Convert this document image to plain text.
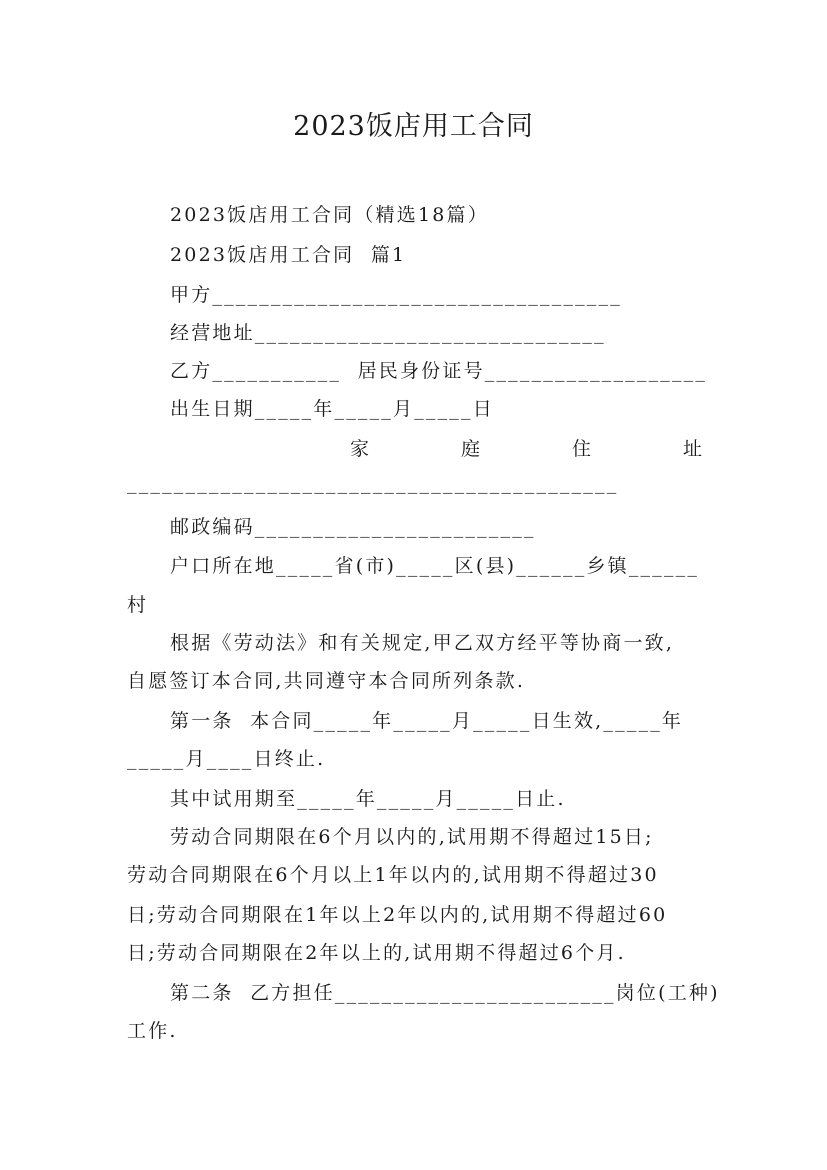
2023饭店用工合同
2023饭店用工合同（精选18篇）
2023饭店用工合同  篇1
甲方___________________________________
经营地址______________________________
乙方___________  居民身份证号___________________
出生日期_____年_____月_____日
家	庭	住	址
__________________________________________
邮政编码________________________
户口所在地_____省(市)_____区(县)______乡镇______
村
根据《劳动法》和有关规定,甲乙双方经平等协商一致,
自愿签订本合同,共同遵守本合同所列条款.
第一条  本合同_____年_____月_____日生效,_____年
_____月____日终止.
其中试用期至_____年_____月_____日止.
劳动合同期限在6个月以内的,试用期不得超过15日;
劳动合同期限在6个月以上1年以内的,试用期不得超过30
日;劳动合同期限在1年以上2年以内的,试用期不得超过60
日;劳动合同期限在2年以上的,试用期不得超过6个月.
第二条  乙方担任________________________岗位(工种)
工作.
